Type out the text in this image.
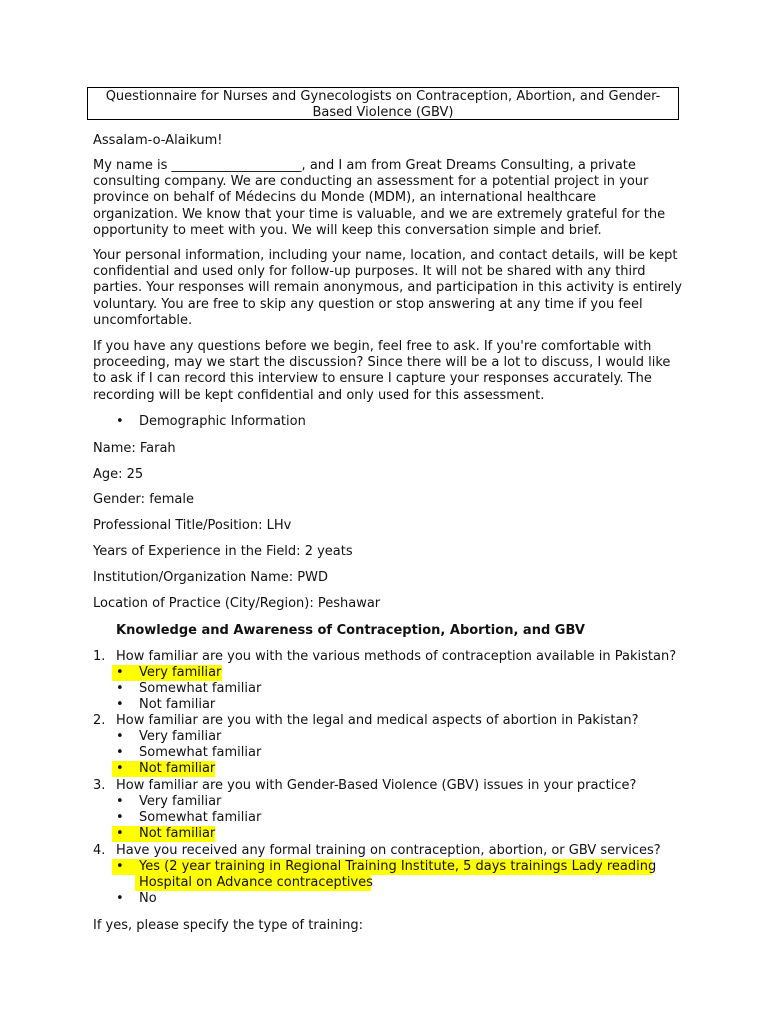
Questionnaire for Nurses and Gynecologists on Contraception, Abortion, and Gender-Based Violence (GBV)

Assalam-o-Alaikum!

My name is ____________________, and I am from Great Dreams Consulting, a private consulting company. We are conducting an assessment for a potential project in your province on behalf of Médecins du Monde (MDM), an international healthcare organization. We know that your time is valuable, and we are extremely grateful for the opportunity to meet with you. We will keep this conversation simple and brief.

Your personal information, including your name, location, and contact details, will be kept confidential and used only for follow-up purposes. It will not be shared with any third parties. Your responses will remain anonymous, and participation in this activity is entirely voluntary. You are free to skip any question or stop answering at any time if you feel uncomfortable.

If you have any questions before we begin, feel free to ask. If you're comfortable with proceeding, may we start the discussion? Since there will be a lot to discuss, I would like to ask if I can record this interview to ensure I capture your responses accurately. The recording will be kept confidential and only used for this assessment.

• Demographic Information

Name: Farah

Age: 25

Gender: female

Professional Title/Position: LHv

Years of Experience in the Field: 2 yeats

Institution/Organization Name: PWD

Location of Practice (City/Region): Peshawar

Knowledge and Awareness of Contraception, Abortion, and GBV
1. How familiar are you with the various methods of contraception available in Pakistan?
• Very familiar
• Somewhat familiar
• Not familiar
2. How familiar are you with the legal and medical aspects of abortion in Pakistan?
• Very familiar
• Somewhat familiar
• Not familiar
3. How familiar are you with Gender-Based Violence (GBV) issues in your practice?
• Very familiar
• Somewhat familiar
• Not familiar
4. Have you received any formal training on contraception, abortion, or GBV services?
• Yes (2 year training in Regional Training Institute, 5 days trainings Lady reading
Hospital on Advance contraceptives
• No

If yes, please specify the type of training:
